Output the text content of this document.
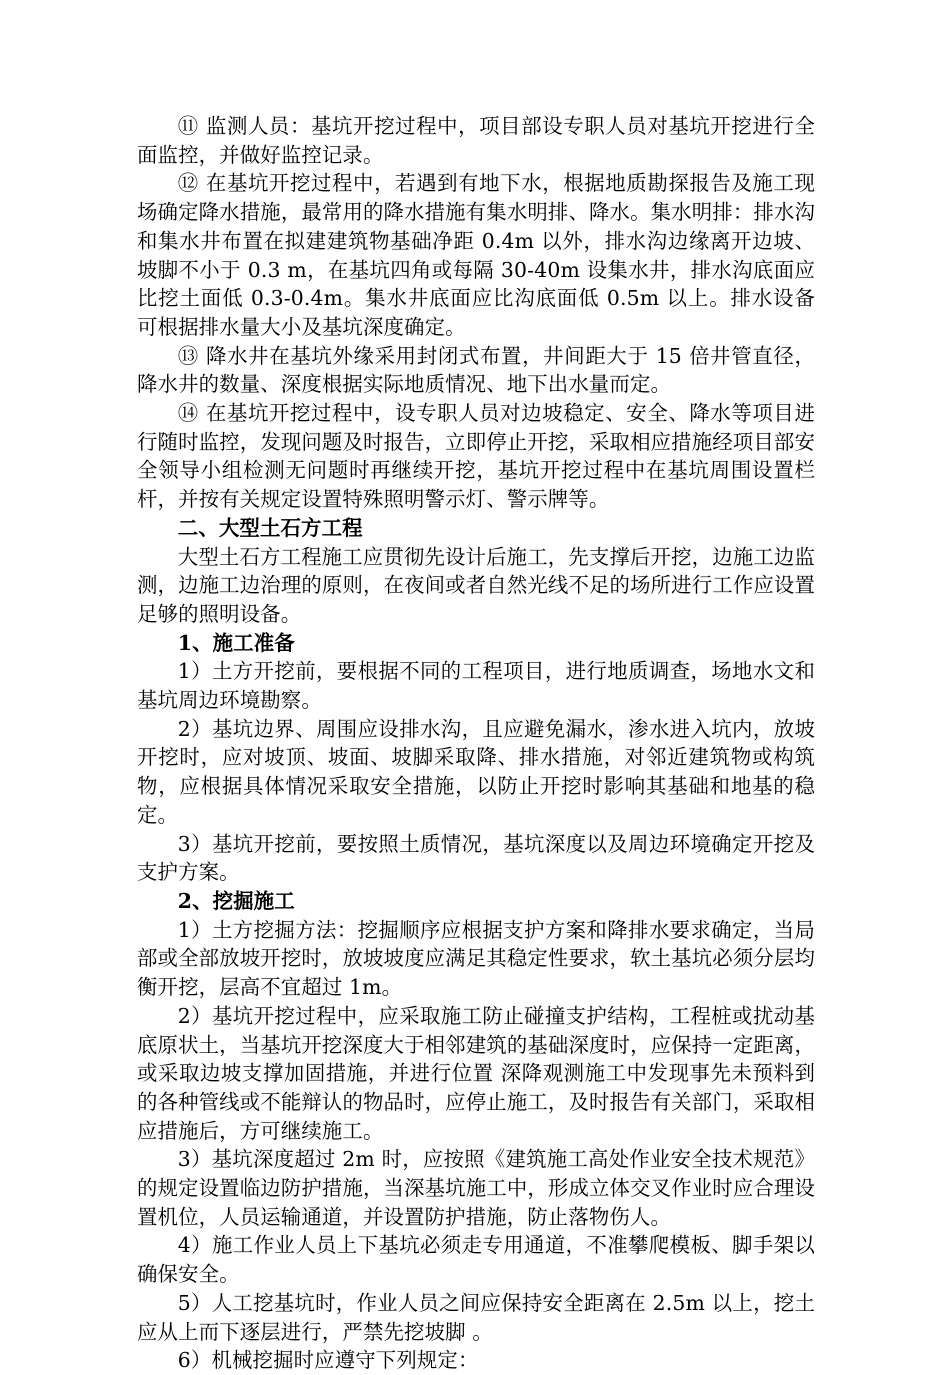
⑪ 监测人员：基坑开挖过程中，项目部设专职人员对基坑开挖进行全面监控，并做好监控记录。

⑫ 在基坑开挖过程中，若遇到有地下水，根据地质勘探报告及施工现场确定降水措施，最常用的降水措施有集水明排、降水。集水明排：排水沟和集水井布置在拟建建筑物基础净距 0.4m 以外，排水沟边缘离开边坡、坡脚不小于 0.3 m，在基坑四角或每隔 30-40m 设集水井，排水沟底面应比挖土面低 0.3-0.4m。集水井底面应比沟底面低 0.5m 以上。排水设备可根据排水量大小及基坑深度确定。

⑬ 降水井在基坑外缘采用封闭式布置，井间距大于 15 倍井管直径，降水井的数量、深度根据实际地质情况、地下出水量而定。

⑭ 在基坑开挖过程中，设专职人员对边坡稳定、安全、降水等项目进行随时监控，发现问题及时报告，立即停止开挖，采取相应措施经项目部安全领导小组检测无问题时再继续开挖，基坑开挖过程中在基坑周围设置栏杆，并按有关规定设置特殊照明警示灯、警示牌等。

二、大型土石方工程

大型土石方工程施工应贯彻先设计后施工，先支撑后开挖，边施工边监测，边施工边治理的原则，在夜间或者自然光线不足的场所进行工作应设置足够的照明设备。

1、施工准备

1）土方开挖前，要根据不同的工程项目，进行地质调查，场地水文和基坑周边环境勘察。

2）基坑边界、周围应设排水沟，且应避免漏水，渗水进入坑内，放坡开挖时，应对坡顶、坡面、坡脚采取降、排水措施，对邻近建筑物或构筑物，应根据具体情况采取安全措施，以防止开挖时影响其基础和地基的稳定。

3）基坑开挖前，要按照土质情况，基坑深度以及周边环境确定开挖及支护方案。

2、挖掘施工

1）土方挖掘方法：挖掘顺序应根据支护方案和降排水要求确定，当局部或全部放坡开挖时，放坡坡度应满足其稳定性要求，软土基坑必须分层均衡开挖，层高不宜超过 1m。

2）基坑开挖过程中，应采取施工防止碰撞支护结构，工程桩或扰动基底原状土，当基坑开挖深度大于相邻建筑的基础深度时，应保持一定距离，或采取边坡支撑加固措施，并进行位置 深降观测施工中发现事先未预料到的各种管线或不能辩认的物品时，应停止施工，及时报告有关部门，采取相应措施后，方可继续施工。

3）基坑深度超过 2m 时，应按照《建筑施工高处作业安全技术规范》的规定设置临边防护措施，当深基坑施工中，形成立体交叉作业时应合理设置机位，人员运输通道，并设置防护措施，防止落物伤人。

4）施工作业人员上下基坑必须走专用通道，不准攀爬模板、脚手架以确保安全。

5）人工挖基坑时，作业人员之间应保持安全距离在 2.5m 以上，挖土应从上而下逐层进行，严禁先挖坡脚 。

6）机械挖掘时应遵守下列规定：
